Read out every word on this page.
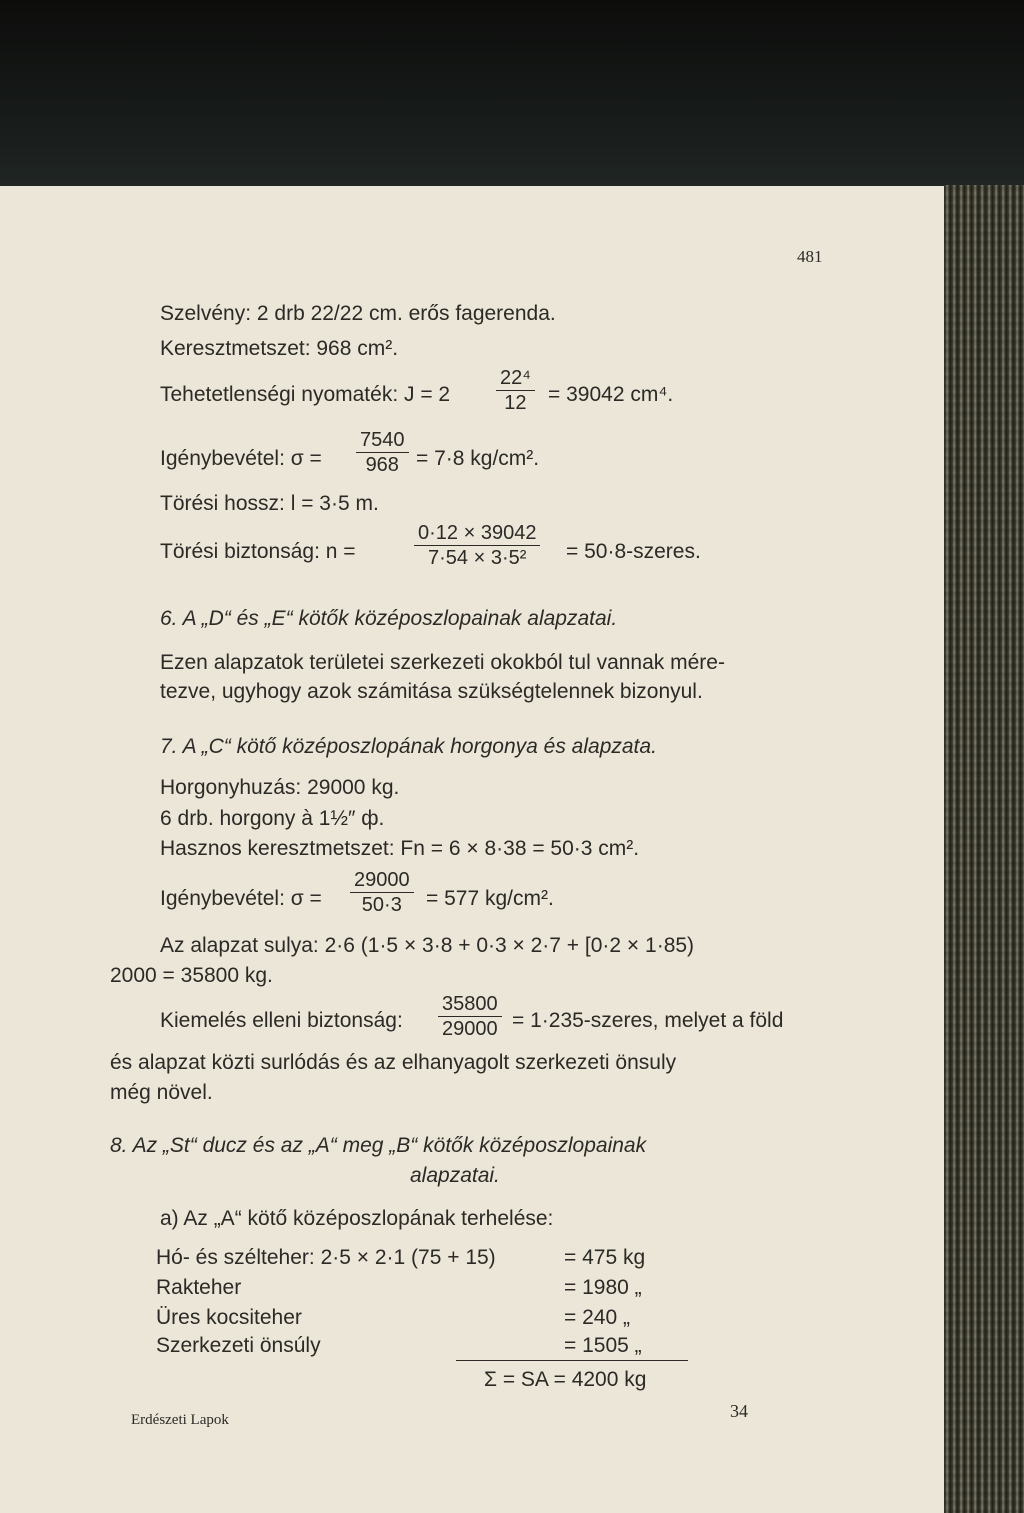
481
Szelvény: 2 drb 22/22 cm. erős fagerenda.
Keresztmetszet: 968 cm².
Tehetetlenségi nyomaték: $J = 2 \frac{\text{22⁴}}{12} = 39042$ cm⁴.
Igénybevétel: $\sigma = \frac{7540}{968} = 7\cdot 8$ kg/cm².
Törési hossz: l = 3·5 m.
Törési biztonság: n =	$\frac{0\cdot 12 \times 39042}{\text{7·54 × 3·5²}}$ = 50·8-szeres.
6. A „D“ és „E“ kötők középoszlopainak alapzatai.
Ezen alapzatok területei szerkezeti okokból tul vannak mére-
tezve, ugyhogy azok számitása szükségtelennek bizonyul.
7. A „C“ kötő középoszlopának horgonya és alapzata.
Horgonyhuzás: 29000 kg.
6 drb. horgony à 1½″ ф.
Hasznos keresztmetszet: Fn = 6 × 8·38 = 50·3 cm².
Igénybevétel: $\sigma = \frac{29000}{50\cdot 3} = 577$ kg/cm².
Az alapzat sulya: 2·6 (1·5 × 3·8 + 0·3 × 2·7 + [0·2 × 1·85)
2000 = 35800 kg.
Kiemelés elleni biztonság: $\frac{35800}{29000}$ = 1·235-szeres, melyet a föld
és alapzat közti surlódás és az elhanyagolt szerkezeti önsuly
még növel.
8. Az „St“ ducz és az „A“ meg „B“ kötők középoszlopainak
alapzatai.
a) Az „A“ kötő középoszlopának terhelése:
Hó- és szélteher: 2·5 × 2·1 (75 + 15)	= 475 kg
Rakteher	= 1980 „
Üres kocsiteher	= 240 „
Szerkezeti önsúly	= 1505 „
Σ = SA = 4200 kg
Erdészeti Lapok	34
